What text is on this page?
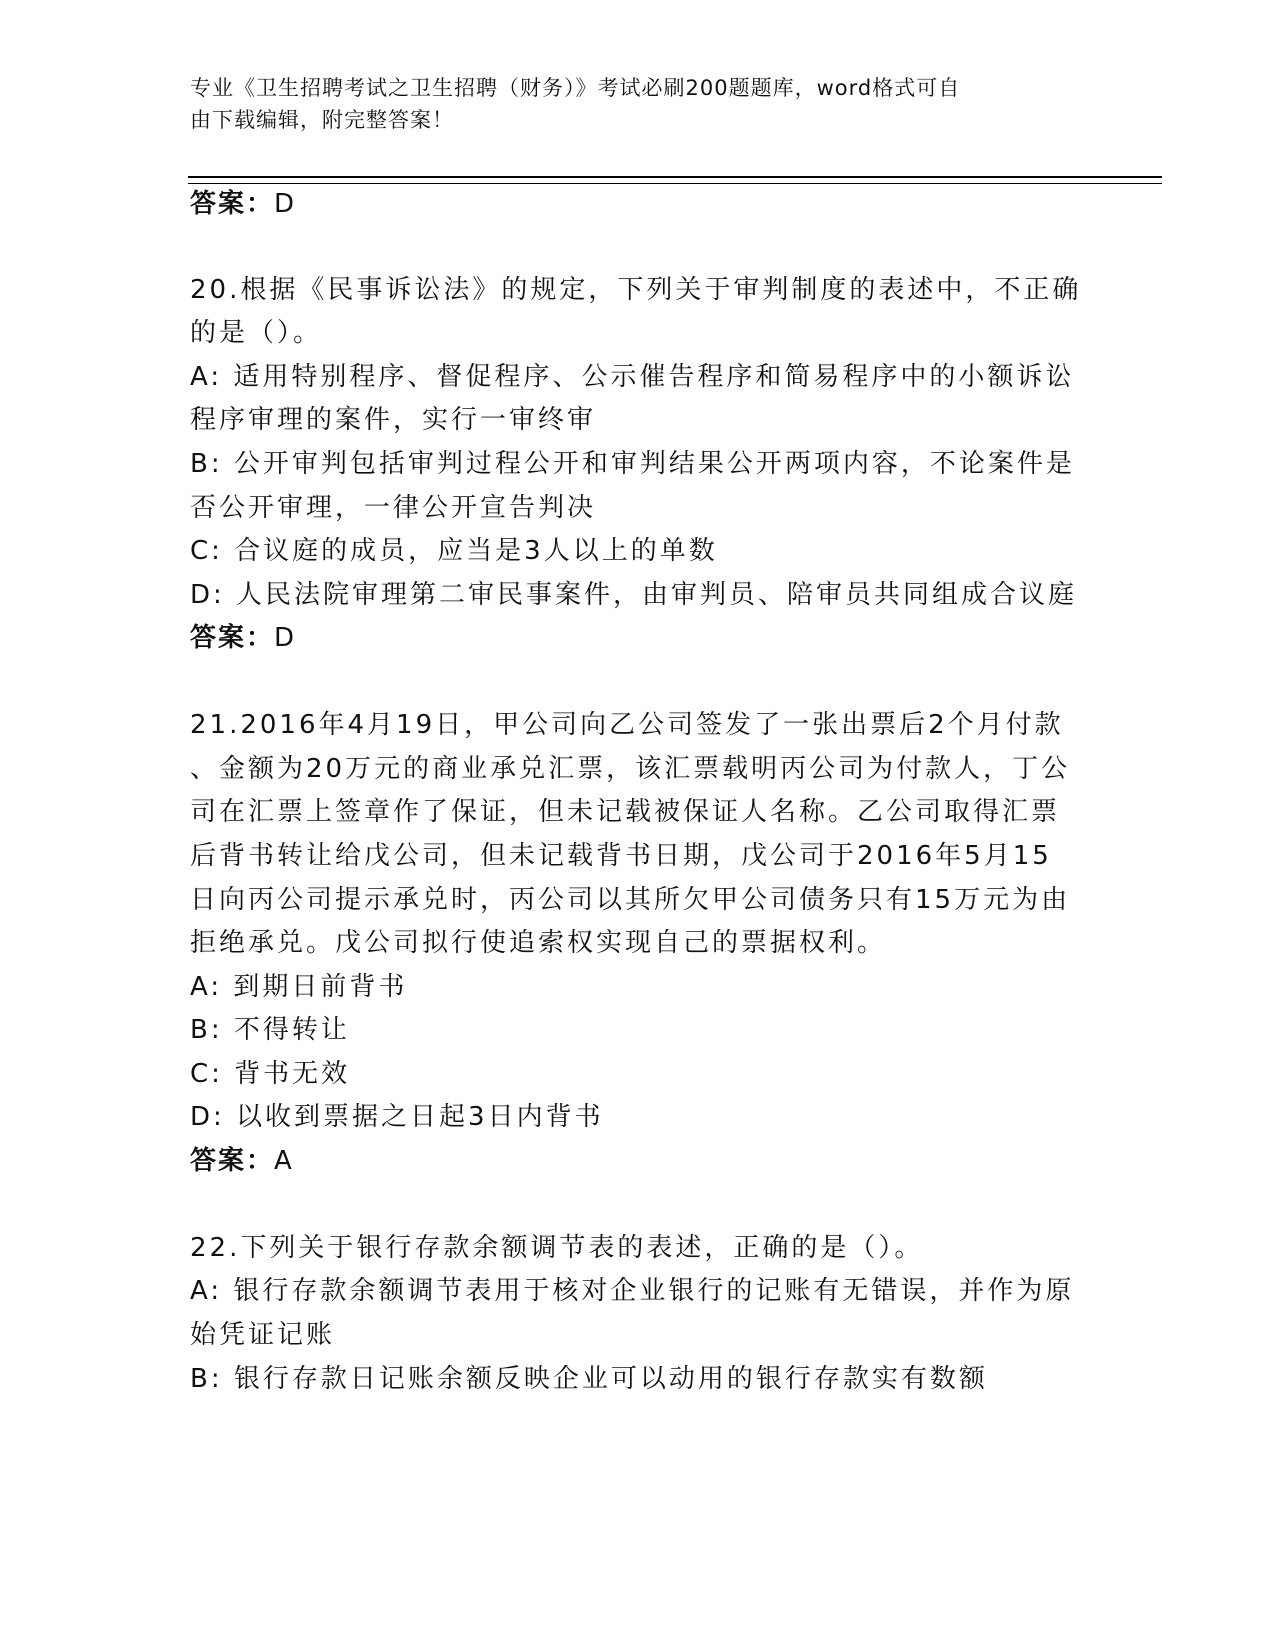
专业《卫生招聘考试之卫生招聘（财务）》考试必刷200题题库，word格式可自
由下载编辑，附完整答案！
答案：D
20.根据《民事诉讼法》的规定，下列关于审判制度的表述中，不正确
的是（）。
A: 适用特别程序、督促程序、公示催告程序和简易程序中的小额诉讼
程序审理的案件，实行一审终审
B: 公开审判包括审判过程公开和审判结果公开两项内容，不论案件是
否公开审理，一律公开宣告判决
C: 合议庭的成员，应当是3人以上的单数
D: 人民法院审理第二审民事案件，由审判员、陪审员共同组成合议庭
答案：D
21.2016年4月19日，甲公司向乙公司签发了一张出票后2个月付款
、金额为20万元的商业承兑汇票，该汇票载明丙公司为付款人，丁公
司在汇票上签章作了保证，但未记载被保证人名称。乙公司取得汇票
后背书转让给戊公司，但未记载背书日期，戊公司于2016年5月15
日向丙公司提示承兑时，丙公司以其所欠甲公司债务只有15万元为由
拒绝承兑。戊公司拟行使追索权实现自己的票据权利。
A: 到期日前背书
B: 不得转让
C: 背书无效
D: 以收到票据之日起3日内背书
答案：A
22.下列关于银行存款余额调节表的表述，正确的是（）。
A: 银行存款余额调节表用于核对企业银行的记账有无错误，并作为原
始凭证记账
B: 银行存款日记账余额反映企业可以动用的银行存款实有数额
